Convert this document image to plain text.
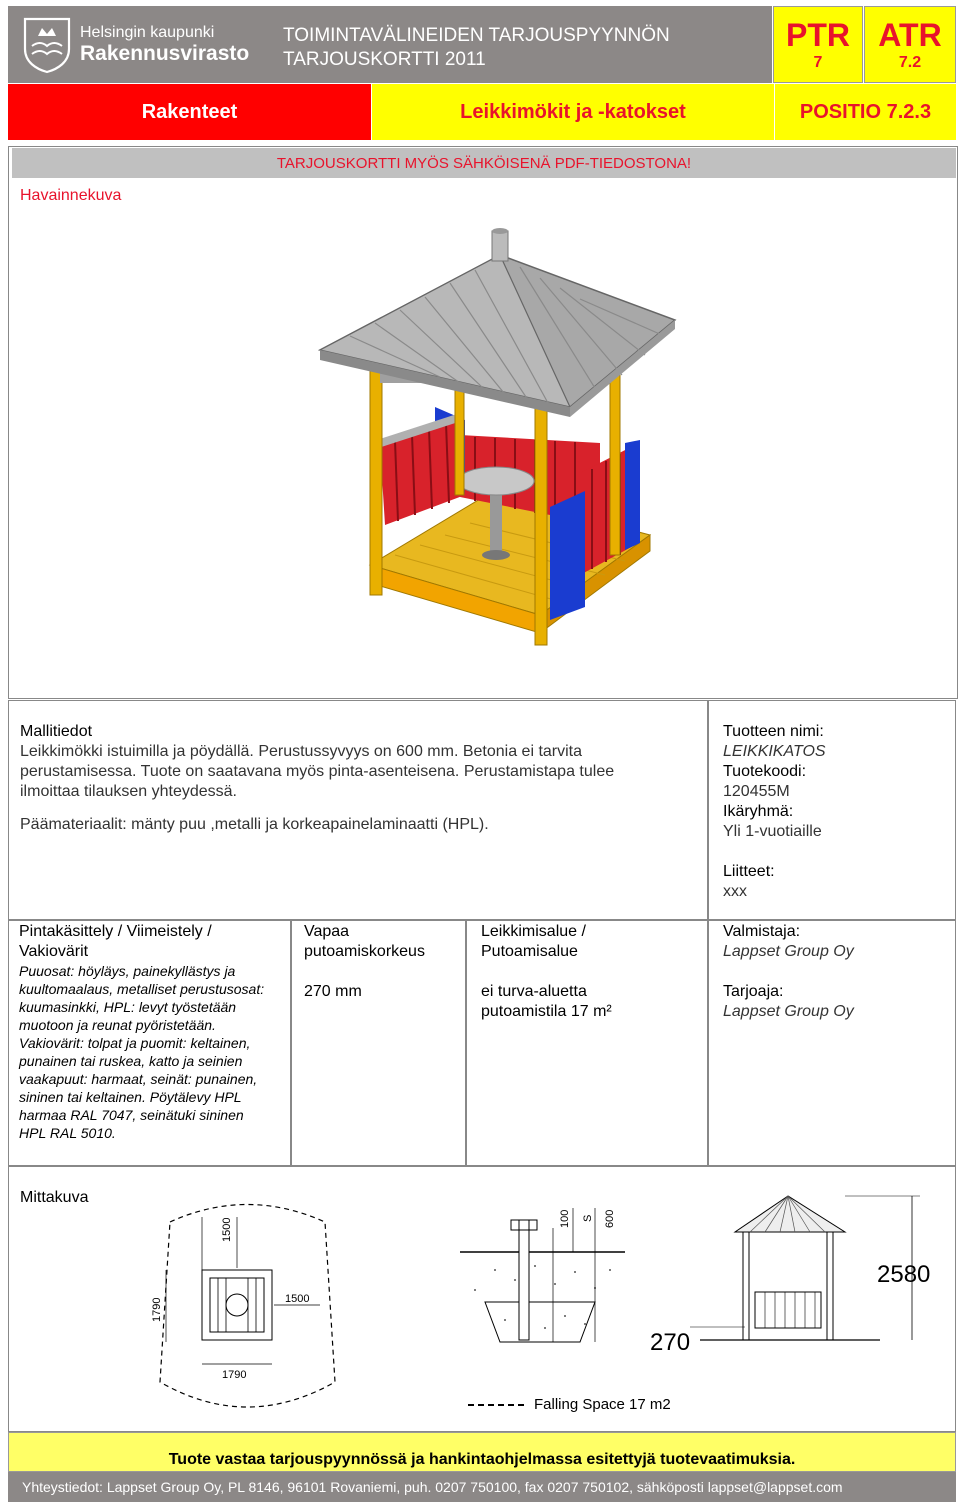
Helsingin kaupunki
Rakennusvirasto
TOIMINTAVÄLINEIDEN TARJOUSPYYNNÖN
TARJOUSKORTTI 2011
PTR
7
ATR
7.2
Rakenteet	Leikkimökit ja -katokset	POSITIO 7.2.3
TARJOUSKORTTI MYÖS SÄHKÖISENÄ PDF-TIEDOSTONA!
Havainnekuva
Mallitiedot
Leikkimökki istuimilla ja pöydällä. Perustussyvyys on 600 mm. Betonia ei tarvita
perustamisessa. Tuote on saatavana myös pinta-asenteisena. Perustamistapa tulee
ilmoittaa tilauksen yhteydessä.
Päämateriaalit: mänty puu ,metalli ja korkeapainelaminaatti (HPL).
Tuotteen nimi:
LEIKKIKATOS
Tuotekoodi:
120455M
Ikäryhmä:
Yli 1-vuotiaille
Liitteet:
xxx
Pintakäsittely / Viimeistely /
Vakiovärit
Puuosat: höyläys, painekyllästys ja
kuultomaalaus, metalliset perustusosat:
kuumasinkki, HPL: levyt työstetään
muotoon ja reunat pyöristetään.
Vakiovärit: tolpat ja puomit: keltainen,
punainen tai ruskea, katto ja seinien
vaakapuut: harmaat, seinät: punainen,
sininen tai keltainen. Pöytälevy HPL
harmaa RAL 7047, seinätuki sininen
HPL RAL 5010.
Vapaa
putoamiskorkeus
270 mm
Leikkimisalue /
Putoamisalue
ei turva-aluetta
putoamistila 17 m²
Valmistaja:
Lappset Group Oy
Tarjoaja:
Lappset Group Oy
Mittakuva
1500
1790	1500
1790
100 S 600
2580
270
Falling Space 17 m2
Tuote vastaa tarjouspyynnössä ja hankintaohjelmassa esitettyjä tuotevaatimuksia.
Yhteystiedot: Lappset Group Oy, PL 8146, 96101 Rovaniemi, puh. 0207 750100, fax 0207 750102, sähköposti lappset@lappset.com
